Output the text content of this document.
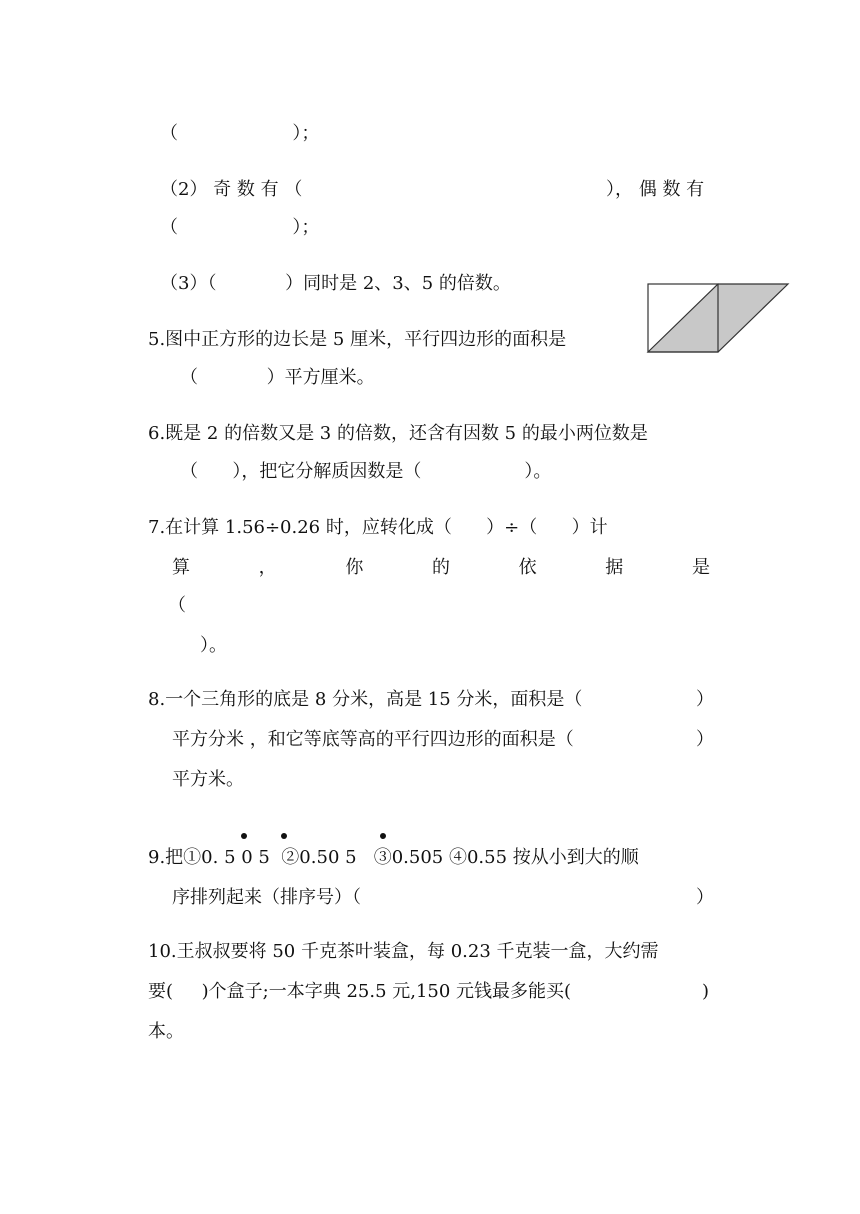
（                    ）；
（2） 奇 数 有 （	）， 偶 数 有
（                    ）；
（3）（            ）同时是 2、3、5 的倍数。
5.图中正方形的边长是 5 厘米，平行四边形的面积是
（            ）平方厘米。
6.既是 2 的倍数又是 3 的倍数，还含有因数 5 的最小两位数是
（      ），把它分解质因数是（                  ）。
7.在计算 1.56÷0.26 时，应转化成（      ）÷（      ）计
算	，	你	的	依	据	是
（
）。
8.一个三角形的底是 8 分米，高是 15 分米，面积是（	）
平方分米 ，和它等底等高的平行四边形的面积是（	）
平方米。
9.把①0. 5 0 5  ②0.50 5   ③0.505 ④0.55 按从小到大的顺
序排列起来（排序号）（	）
10.王叔叔要将 50 千克茶叶装盒，每 0.23 千克装一盒，大约需
要(     )个盒子;一本字典 25.5 元,150 元钱最多能买(	)
本。
